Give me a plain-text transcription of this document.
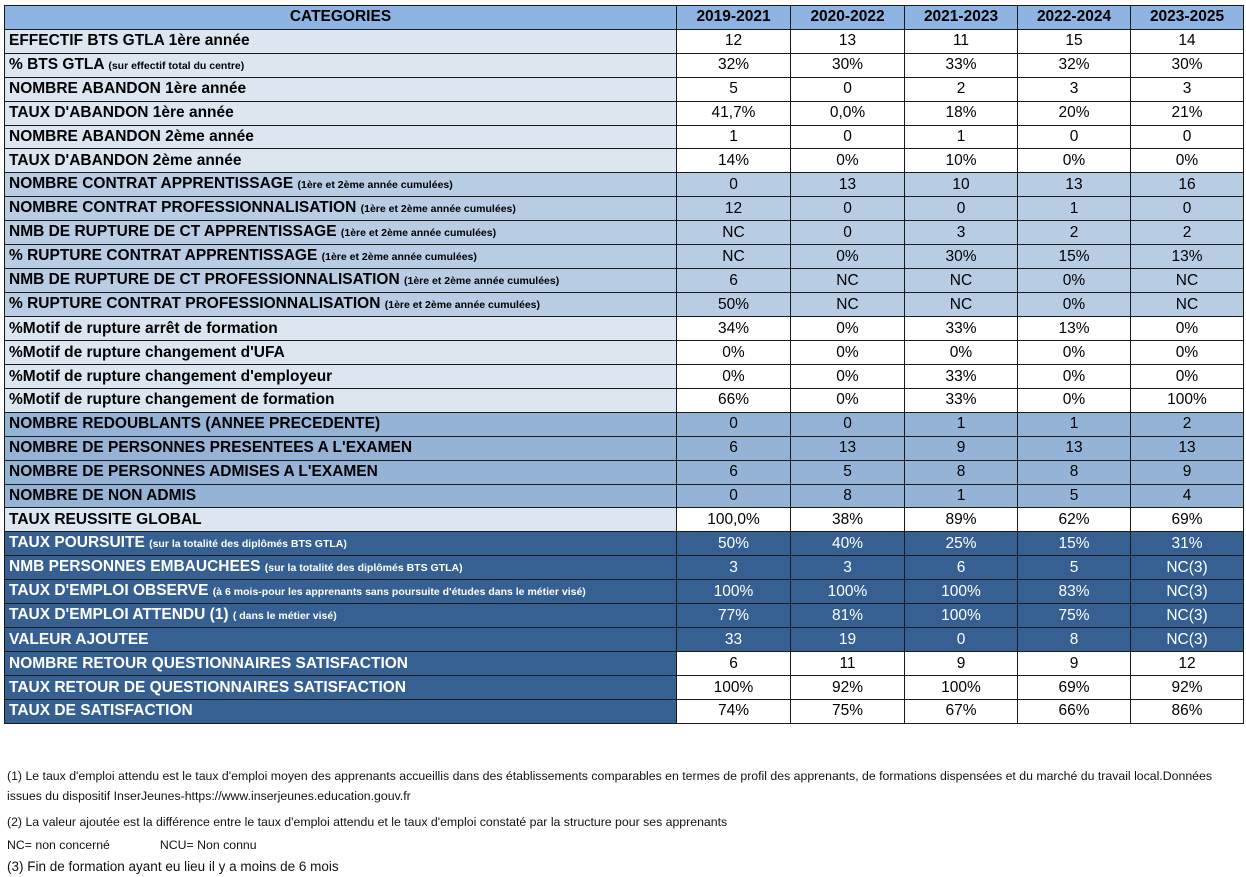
CATEGORIES	2019-2021	2020-2022	2021-2023	2022-2024	2023-2025
EFFECTIF BTS GTLA 1ère année	12	13	11	15	14
% BTS GTLA (sur effectif total du centre)	32%	30%	33%	32%	30%
NOMBRE ABANDON 1ère année	5	0	2	3	3
TAUX D'ABANDON 1ère année	41,7%	0,0%	18%	20%	21%
NOMBRE ABANDON 2ème année	1	0	1	0	0
TAUX D'ABANDON 2ème année	14%	0%	10%	0%	0%
NOMBRE CONTRAT APPRENTISSAGE (1ère et 2ème année cumulées)	0	13	10	13	16
NOMBRE CONTRAT PROFESSIONNALISATION (1ère et 2ème année cumulées)	12	0	0	1	0
NMB DE RUPTURE DE CT APPRENTISSAGE (1ère et 2ème année cumulées)	NC	0	3	2	2
% RUPTURE CONTRAT APPRENTISSAGE (1ère et 2ème année cumulées)	NC	0%	30%	15%	13%
NMB DE RUPTURE DE CT PROFESSIONNALISATION (1ère et 2ème année cumulées)	6	NC	NC	0%	NC
% RUPTURE CONTRAT PROFESSIONNALISATION (1ère et 2ème année cumulées)	50%	NC	NC	0%	NC
%Motif de rupture arrêt de formation	34%	0%	33%	13%	0%
%Motif de rupture changement d'UFA	0%	0%	0%	0%	0%
%Motif de rupture changement d'employeur	0%	0%	33%	0%	0%
%Motif de rupture changement de formation	66%	0%	33%	0%	100%
NOMBRE REDOUBLANTS (ANNEE PRECEDENTE)	0	0	1	1	2
NOMBRE DE PERSONNES PRESENTEES A L'EXAMEN	6	13	9	13	13
NOMBRE DE PERSONNES ADMISES A L'EXAMEN	6	5	8	8	9
NOMBRE DE NON ADMIS	0	8	1	5	4
TAUX REUSSITE GLOBAL	100,0%	38%	89%	62%	69%
TAUX POURSUITE (sur la totalité des diplômés BTS GTLA)	50%	40%	25%	15%	31%
NMB PERSONNES EMBAUCHEES (sur la totalité des diplômés BTS GTLA)	3	3	6	5	NC(3)
TAUX D'EMPLOI OBSERVE (à 6 mois-pour les apprenants sans poursuite d'études dans le métier visé)	100%	100%	100%	83%	NC(3)
TAUX D'EMPLOI ATTENDU (1) ( dans le métier visé)	77%	81%	100%	75%	NC(3)
VALEUR AJOUTEE	33	19	0	8	NC(3)
NOMBRE RETOUR QUESTIONNAIRES SATISFACTION	6	11	9	9	12
TAUX RETOUR DE QUESTIONNAIRES SATISFACTION	100%	92%	100%	69%	92%
TAUX DE SATISFACTION	74%	75%	67%	66%	86%

(1) Le taux d'emploi attendu est le taux d'emploi moyen des apprenants accueillis dans des établissements comparables en termes de profil des apprenants, de formations dispensées et du marché du travail local.Données issues du dispositif InserJeunes-https://www.inserjeunes.education.gouv.fr

(2) La valeur ajoutée est la différence entre le taux d'emploi attendu et le taux d'emploi constaté par la structure pour ses apprenants

NC= non concerné	NCU= Non connu

(3) Fin de formation ayant eu lieu il y a moins de 6 mois
